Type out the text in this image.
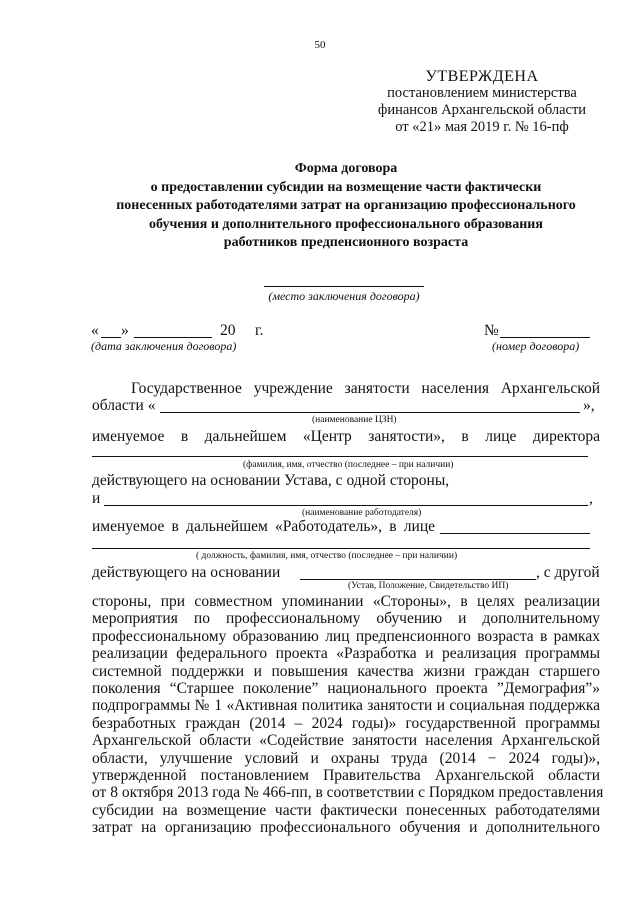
50
УТВЕРЖДЕНА
постановлением министерства
финансов Архангельской области
от «21» мая 2019 г. № 16-пф
Форма договора
о предоставлении субсидии на возмещение части фактически
понесенных работодателями затрат на организацию профессионального
обучения и дополнительного профессионального образования
работников предпенсионного возраста
(место заключения договора)
« »	20 г.
(дата заключения договора)
№
(номер договора)
Государственное учреждение занятости населения Архангельской
области «	»,
(наименование ЦЗН)
именуемое в дальнейшем «Центр занятости», в лице директора
(фамилия, имя, отчество (последнее – при наличии)
действующего на основании Устава, с одной стороны,
и	,
(наименование работодателя)
именуемое в дальнейшем «Работодатель», в лице
( должность, фамилия, имя, отчество (последнее – при наличии)
действующего на основании	, с другой
(Устав, Положение, Свидетельство ИП)
стороны, при совместном упоминании «Стороны», в целях реализации
мероприятия по профессиональному обучению и дополнительному
профессиональному образованию лиц предпенсионного возраста в рамках
реализации федерального проекта «Разработка и реализация программы
системной поддержки и повышения качества жизни граждан старшего
поколения “Старшее поколение” национального проекта ”Демография”»
подпрограммы № 1 «Активная политика занятости и социальная поддержка
безработных граждан (2014 – 2024 годы)» государственной программы
Архангельской области «Содействие занятости населения Архангельской
области, улучшение условий и охраны труда (2014 − 2024 годы)»,
утвержденной постановлением Правительства Архангельской области
от 8 октября 2013 года № 466-пп, в соответствии с Порядком предоставления
субсидии на возмещение части фактически понесенных работодателями
затрат на организацию профессионального обучения и дополнительного
